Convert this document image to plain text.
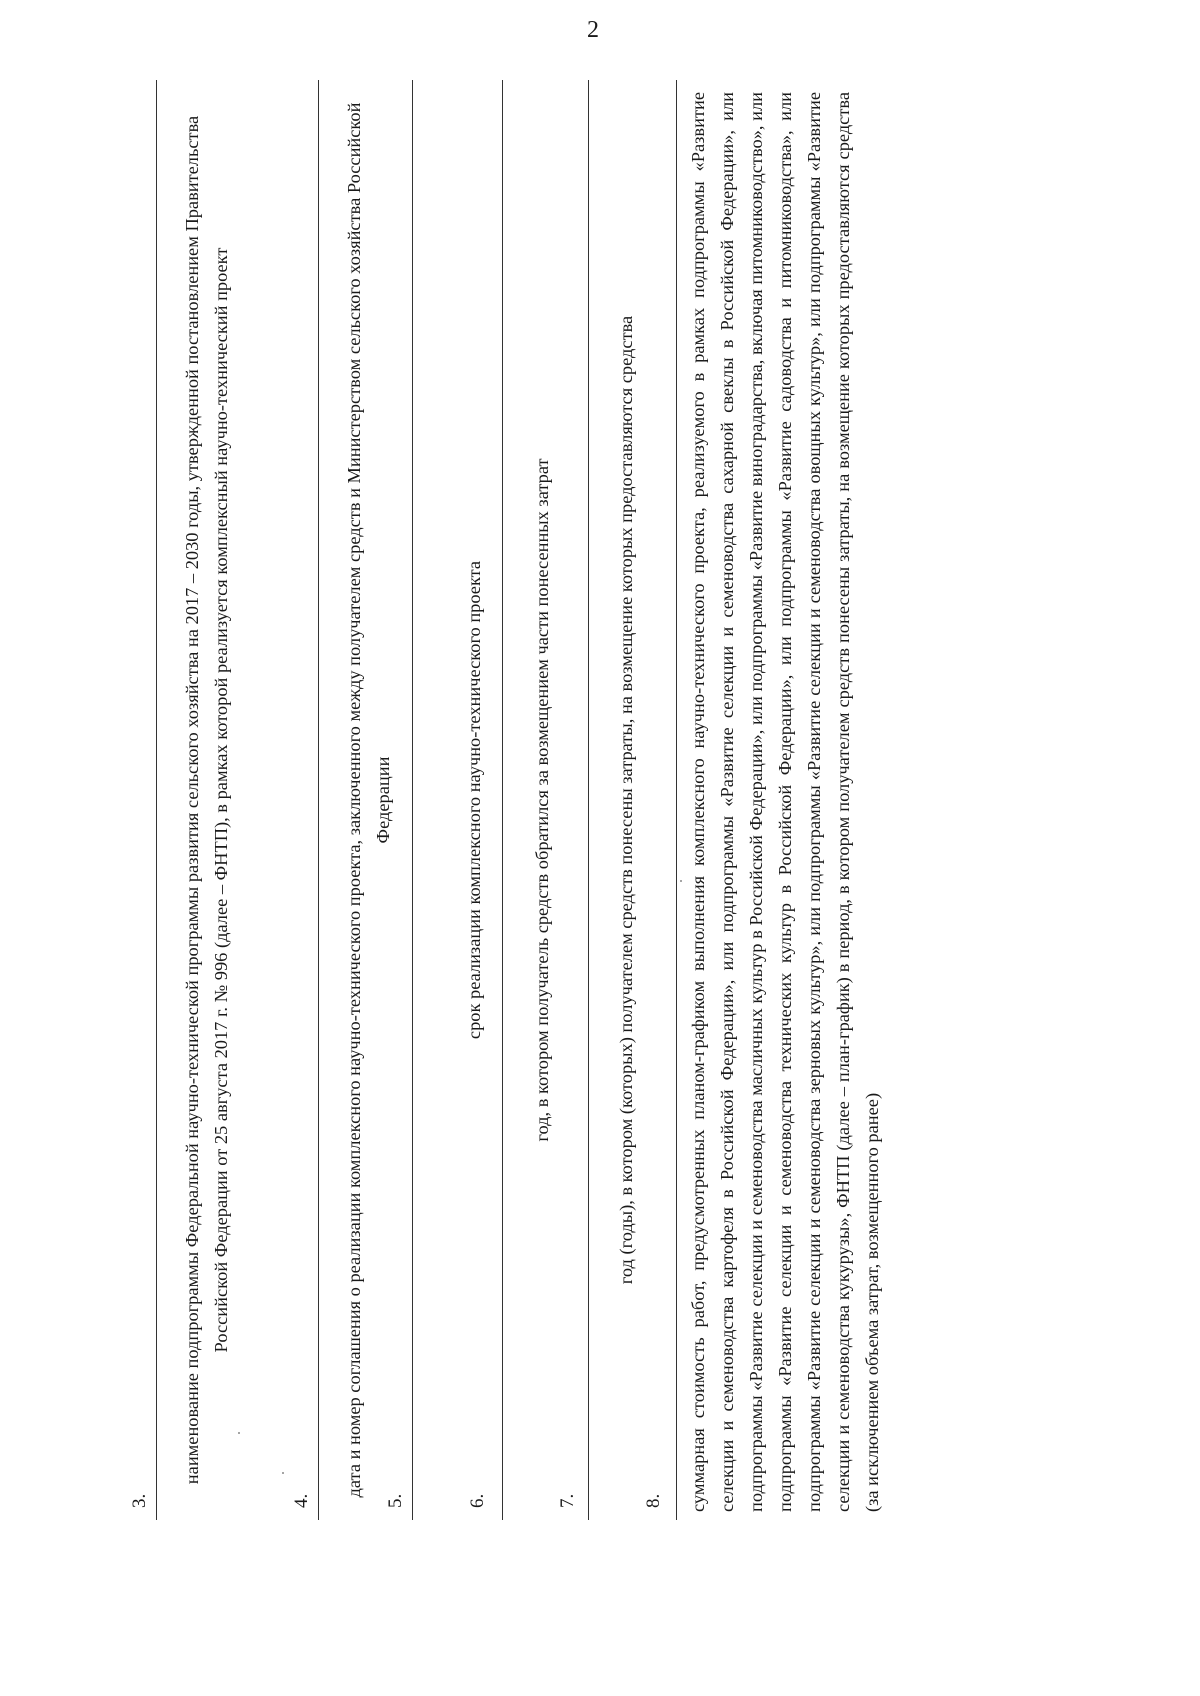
2
3.
наименование подпрограммы Федеральной научно-технической программы развития сельского хозяйства на 2017 – 2030 годы, утвержденной постановлением Правительства Российской Федерации от 25 августа 2017 г. № 996 (далее – ФНТП), в рамках которой реализуется комплексный научно-технический проект
4.
дата и номер соглашения о реализации комплексного научно-технического проекта, заключенного между получателем средств и Министерством сельского хозяйства Российской Федерации
5.
срок реализации комплексного научно-технического проекта
6.
год, в котором получатель средств обратился за возмещением части понесенных затрат
7.
год (годы), в котором (которых) получателем средств понесены затраты, на возмещение которых предоставляются средства
8. суммарная стоимость работ, предусмотренных планом-графиком выполнения комплексного научно-технического проекта, реализуемого в рамках подпрограммы «Развитие селекции и семеноводства картофеля в Российской Федерации», или подпрограммы «Развитие селекции и семеноводства сахарной свеклы в Российской Федерации», или подпрограммы «Развитие селекции и семеноводства масличных культур в Российской Федерации», или подпрограммы «Развитие виноградарства, включая питомниководство», или подпрограммы «Развитие селекции и семеноводства технических культур в Российской Федерации», или подпрограммы «Развитие садоводства и питомниководства», или подпрограммы «Развитие селекции и семеноводства зерновых культур», или подпрограммы «Развитие селекции и семеноводства овощных культур», или подпрограммы «Развитие селекции и семеноводства кукурузы», ФНТП (далее – план-график) в период, в котором получателем средств понесены затраты, на возмещение которых предоставляются средства (за исключением объема затрат, возмещенного ранее)
